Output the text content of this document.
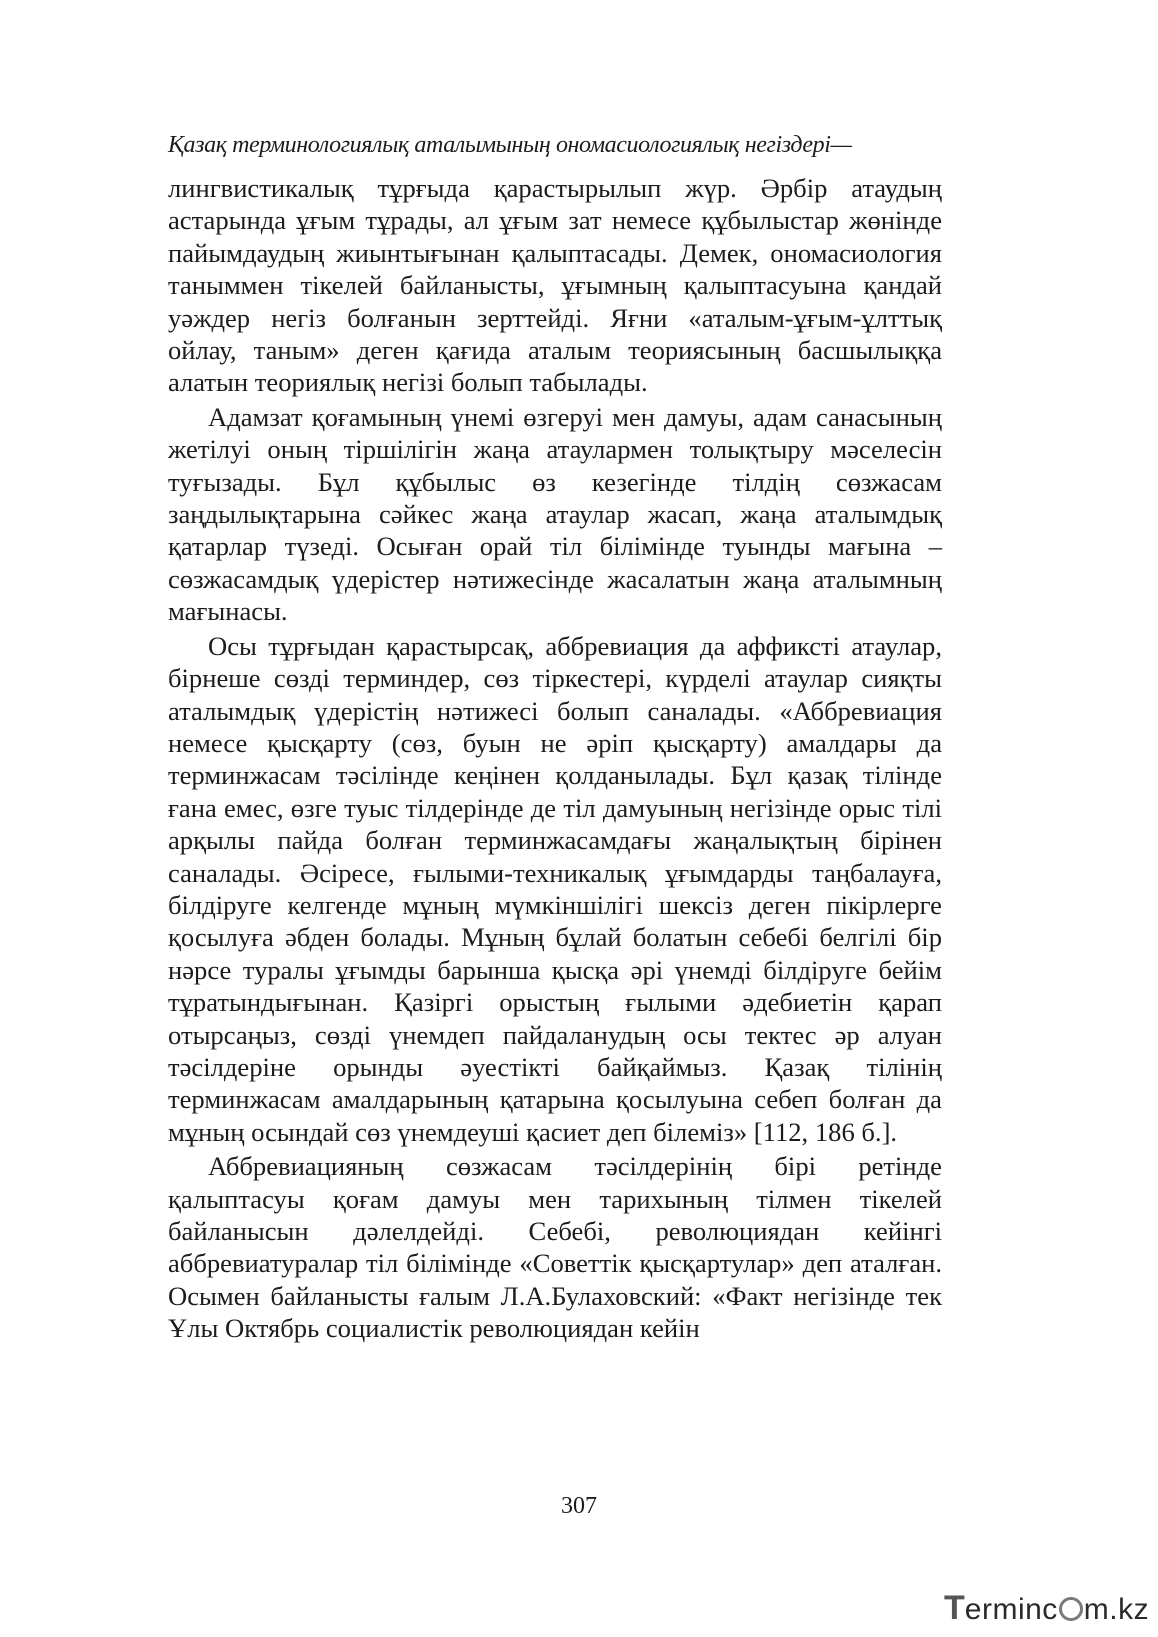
Қазақ терминологиялық аталымының ономасиологиялық негіздері—

лингвистикалық тұрғыда қарастырылып жүр. Әрбір атаудың астарында ұғым тұрады, ал ұғым зат немесе құбылыстар жөнінде пайымдаудың жиынтығынан қалыптасады. Демек, ономасиология таныммен тікелей байланысты, ұғымның қалыптасуына қандай уәждер негіз болғанын зерттейді. Яғни «аталым-ұғым-ұлттық ойлау, таным» деген қағида аталым теориясының басшылыққа алатын теориялық негізі болып табылады.

Адамзат қоғамының үнемі өзгеруі мен дамуы, адам санасының жетілуі оның тіршілігін жаңа атаулармен толықтыру мәселесін туғызады. Бұл құбылыс өз кезегінде тілдің сөзжасам заңдылықтарына сәйкес жаңа атаулар жасап, жаңа аталымдық қатарлар түзеді. Осыған орай тіл білімінде туынды мағына – сөзжасамдық үдерістер нәтижесінде жасалатын жаңа аталымның мағынасы.

Осы тұрғыдан қарастырсақ, аббревиация да аффиксті атаулар, бірнеше сөзді терминдер, сөз тіркестері, күрделі атаулар сияқты аталымдық үдерістің нәтижесі болып саналады. «Аббревиация немесе қысқарту (сөз, буын не әріп қысқарту) амалдары да терминжасам тәсілінде кеңінен қолданылады. Бұл қазақ тілінде ғана емес, өзге туыс тілдерінде де тіл дамуының негізінде орыс тілі арқылы пайда болған терминжасамдағы жаңалықтың бірінен саналады. Әсіресе, ғылыми-техникалық ұғымдарды таңбалауға, білдіруге келгенде мұның мүмкіншілігі шексіз деген пікірлерге қосылуға әбден болады. Мұның бұлай болатын себебі белгілі бір нәрсе туралы ұғымды барынша қысқа әрі үнемді білдіруге бейім тұратындығынан. Қазіргі орыстың ғылыми әдебиетін қарап отырсаңыз, сөзді үнемдеп пайдаланудың осы тектес әр алуан тәсілдеріне орынды әуестікті байқаймыз. Қазақ тілінің терминжасам амалдарының қатарына қосылуына себеп болған да мұның осындай сөз үнемдеуші қасиет деп білеміз» [112, 186 б.].

Аббревиацияның сөзжасам тәсілдерінің бірі ретінде қалыптасуы қоғам дамуы мен тарихының тілмен тікелей байланысын дәлелдейді. Себебі, революциядан кейінгі аббревиатуралар тіл білімінде «Советтік қысқартулар» деп аталған. Осымен байланысты ғалым Л.А.Булаховский: «Факт негізінде тек Ұлы Октябрь социалистік революциядан кейін

307
Terminc m.kz
